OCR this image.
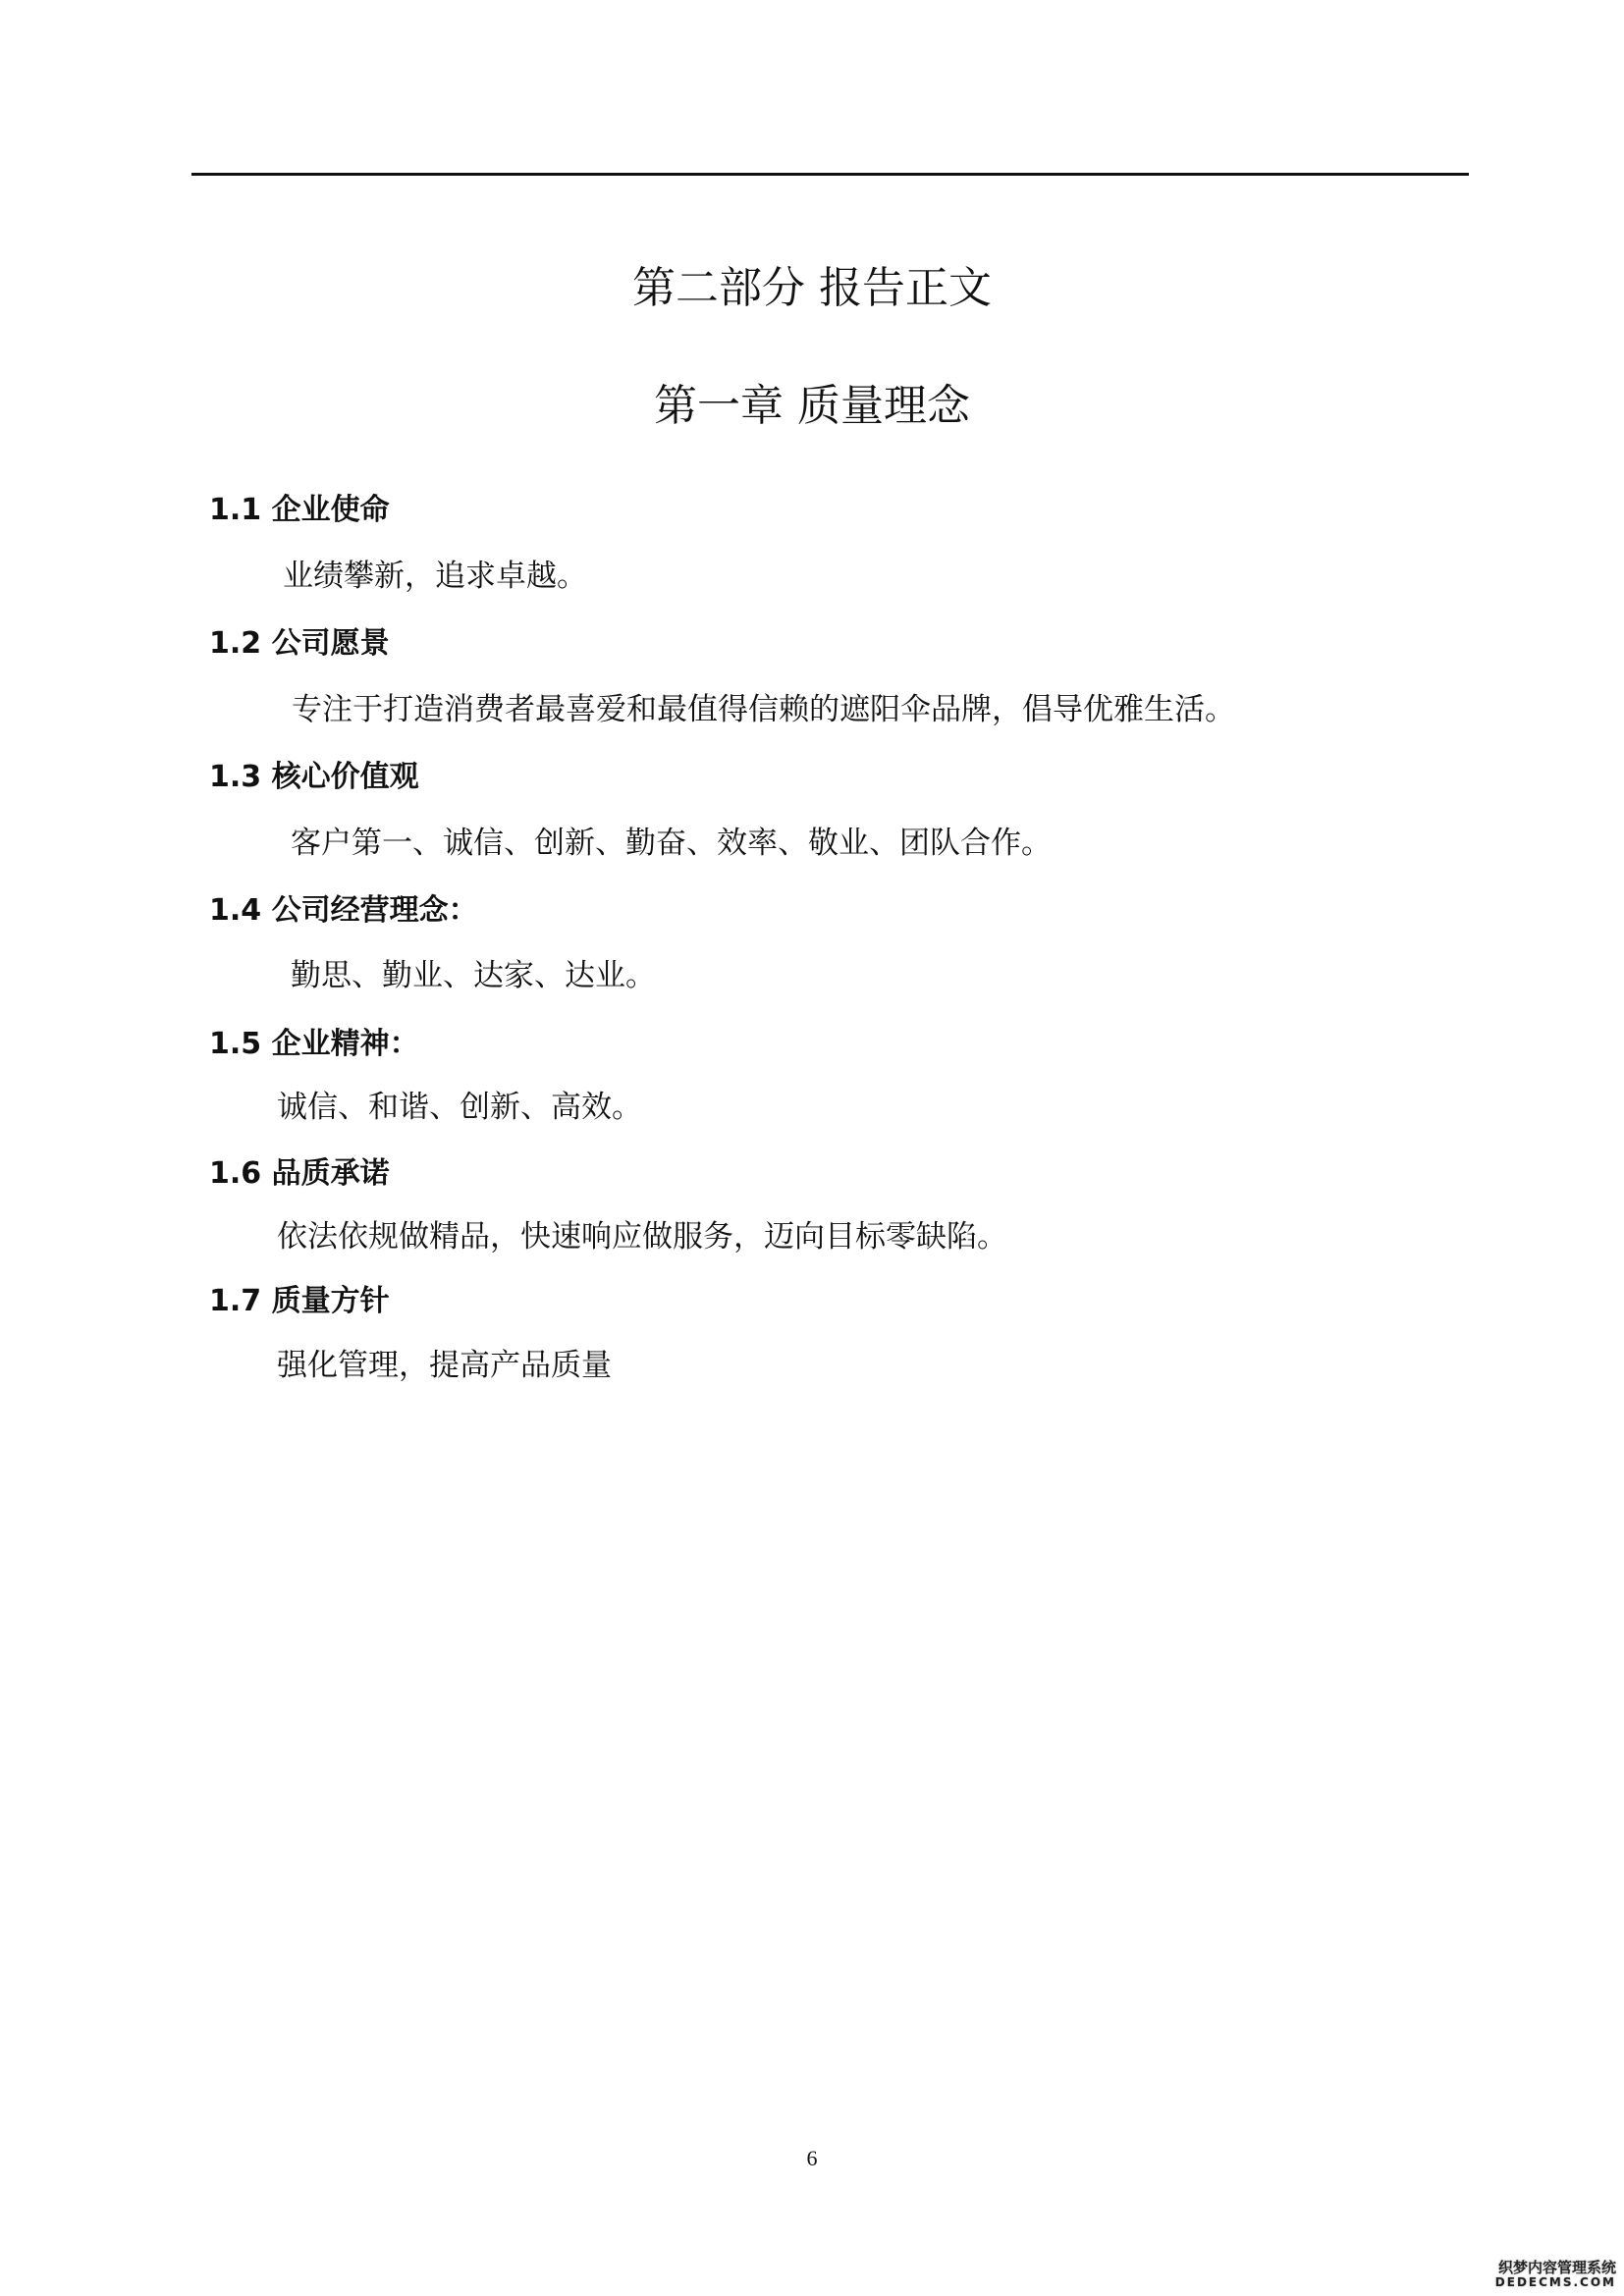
第二部分 报告正文
第一章 质量理念
1.1 企业使命
业绩攀新，追求卓越。
1.2 公司愿景
专注于打造消费者最喜爱和最值得信赖的遮阳伞品牌，倡导优雅生活。
1.3 核心价值观
客户第一、诚信、创新、勤奋、效率、敬业、团队合作。
1.4 公司经营理念：
勤思、勤业、达家、达业。
1.5 企业精神：
诚信、和谐、创新、高效。
1.6 品质承诺
依法依规做精品，快速响应做服务，迈向目标零缺陷。
1.7 质量方针
强化管理，提高产品质量
6
织梦内容管理系统
DEDECMS.COM
